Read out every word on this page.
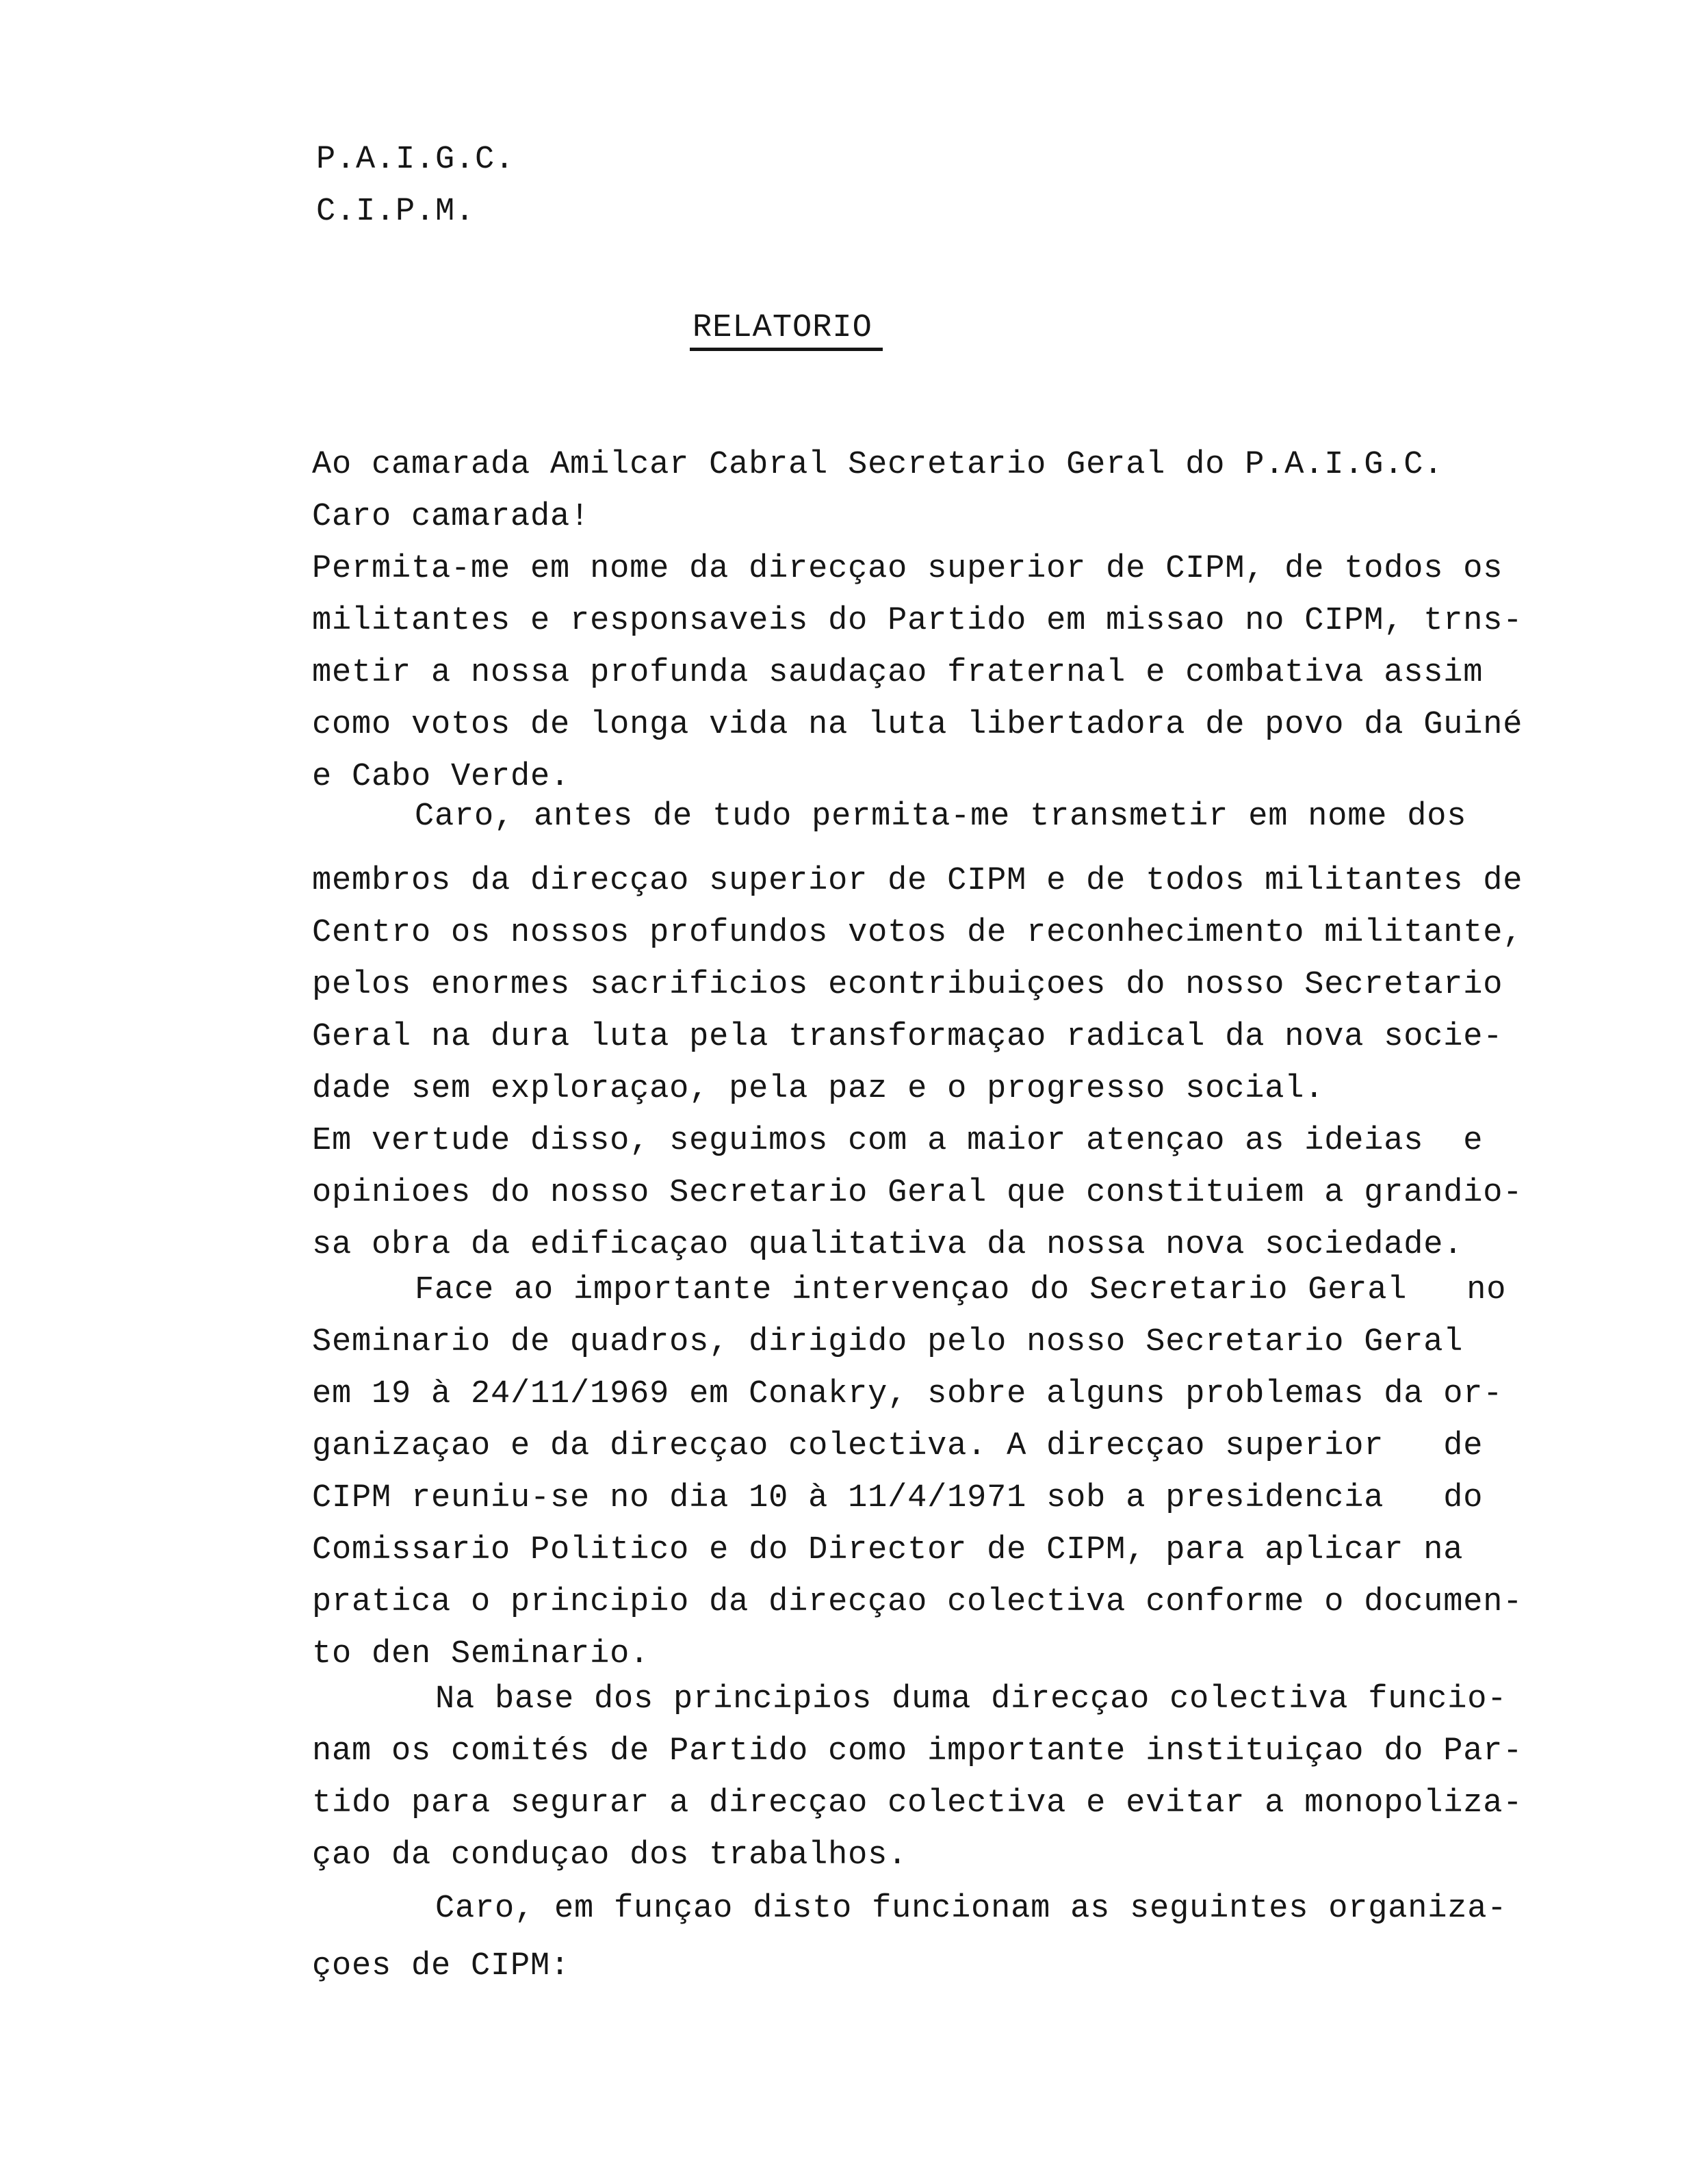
P.A.I.G.C.
C.I.P.M.
RELATORIO
Ao camarada Amilcar Cabral Secretario Geral do P.A.I.G.C.
Caro camarada!
Permita-me em nome da direcçao superior de CIPM, de todos os
militantes e responsaveis do Partido em missao no CIPM, trns-
metir a nossa profunda saudaçao fraternal e combativa assim
como votos de longa vida na luta libertadora de povo da Guiné
e Cabo Verde.
Caro, antes de tudo permita-me transmetir em nome dos
membros da direcçao superior de CIPM e de todos militantes de
Centro os nossos profundos votos de reconhecimento militante,
pelos enormes sacrificios econtribuiçoes do nosso Secretario
Geral na dura luta pela transformaçao radical da nova socie-
dade sem exploraçao, pela paz e o progresso social.
Em vertude disso, seguimos com a maior atençao as ideias  e
opinioes do nosso Secretario Geral que constituiem a grandio-
sa obra da edificaçao qualitativa da nossa nova sociedade.
Face ao importante intervençao do Secretario Geral   no
Seminario de quadros, dirigido pelo nosso Secretario Geral
em 19 à 24/11/1969 em Conakry, sobre alguns problemas da or-
ganizaçao e da direcçao colectiva. A direcçao superior   de
CIPM reuniu-se no dia 10 à 11/4/1971 sob a presidencia   do
Comissario Politico e do Director de CIPM, para aplicar na
pratica o principio da direcçao colectiva conforme o documen-
to den Seminario.
Na base dos principios duma direcçao colectiva funcio-
nam os comités de Partido como importante instituiçao do Par-
tido para segurar a direcçao colectiva e evitar a monopoliza-
çao da conduçao dos trabalhos.
Caro, em funçao disto funcionam as seguintes organiza-
çoes de CIPM:
